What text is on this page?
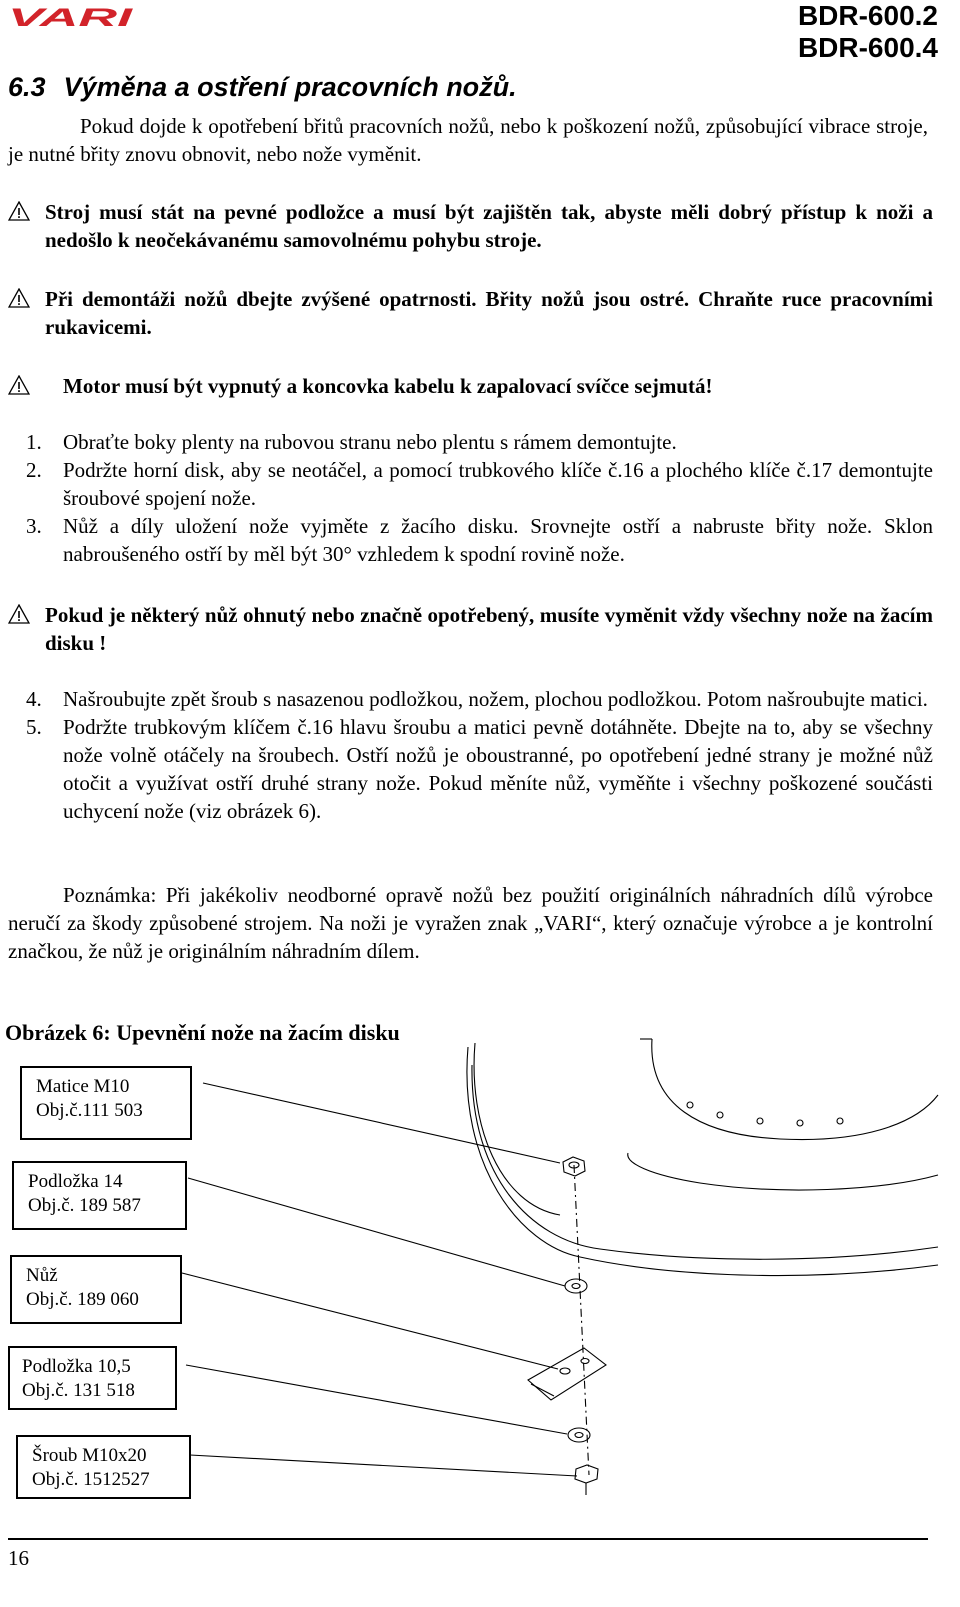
VARI	BDR-600.2
BDR-600.4
6.3 Výměna a ostření pracovních nožů.
Pokud dojde k opotřebení břitů pracovních nožů, nebo k poškození nožů, způsobující vibrace stroje, je nutné břity znovu obnovit, nebo nože vyměnit.
Stroj musí stát na pevné podložce a musí být zajištěn tak, abyste měli dobrý přístup k noži a nedošlo k neočekávanému samovolnému pohybu stroje.
Při demontáži nožů dbejte zvýšené opatrnosti. Břity nožů jsou ostré. Chraňte ruce pracovními rukavicemi.
Motor musí být vypnutý a koncovka kabelu k zapalovací svíčce sejmutá!
1. Obraťte boky plenty na rubovou stranu nebo plentu s rámem demontujte.
2. Podržte horní disk, aby se neotáčel, a pomocí trubkového klíče č.16 a plochého klíče č.17 demontujte šroubové spojení nože.
3. Nůž a díly uložení nože vyjměte z žacího disku. Srovnejte ostří a nabruste břity nože. Sklon nabroušeného ostří by měl být 30° vzhledem k spodní rovině nože.
Pokud je některý nůž ohnutý nebo značně opotřebený, musíte vyměnit vždy všechny nože na žacím disku !
4. Našroubujte zpět šroub s nasazenou podložkou, nožem, plochou podložkou. Potom našroubujte matici.
5. Podržte trubkovým klíčem č.16 hlavu šroubu a matici pevně dotáhněte. Dbejte na to, aby se všechny nože volně otáčely na šroubech. Ostří nožů je oboustranné, po opotřebení jedné strany je možné nůž otočit a využívat ostří druhé strany nože. Pokud měníte nůž, vyměňte i všechny poškozené součásti uchycení nože (viz obrázek 6).
Poznámka: Při jakékoliv neodborné opravě nožů bez použití originálních náhradních dílů výrobce neručí za škody způsobené strojem. Na noži je vyražen znak „VARI“, který označuje výrobce a je kontrolní značkou, že nůž je originálním náhradním dílem.
Obrázek 6: Upevnění nože na žacím disku
Matice M10
Obj.č.111 503
Podložka 14
Obj.č. 189 587
Nůž
Obj.č. 189 060
Podložka 10,5
Obj.č. 131 518
Šroub M10x20
Obj.č. 1512527
16
